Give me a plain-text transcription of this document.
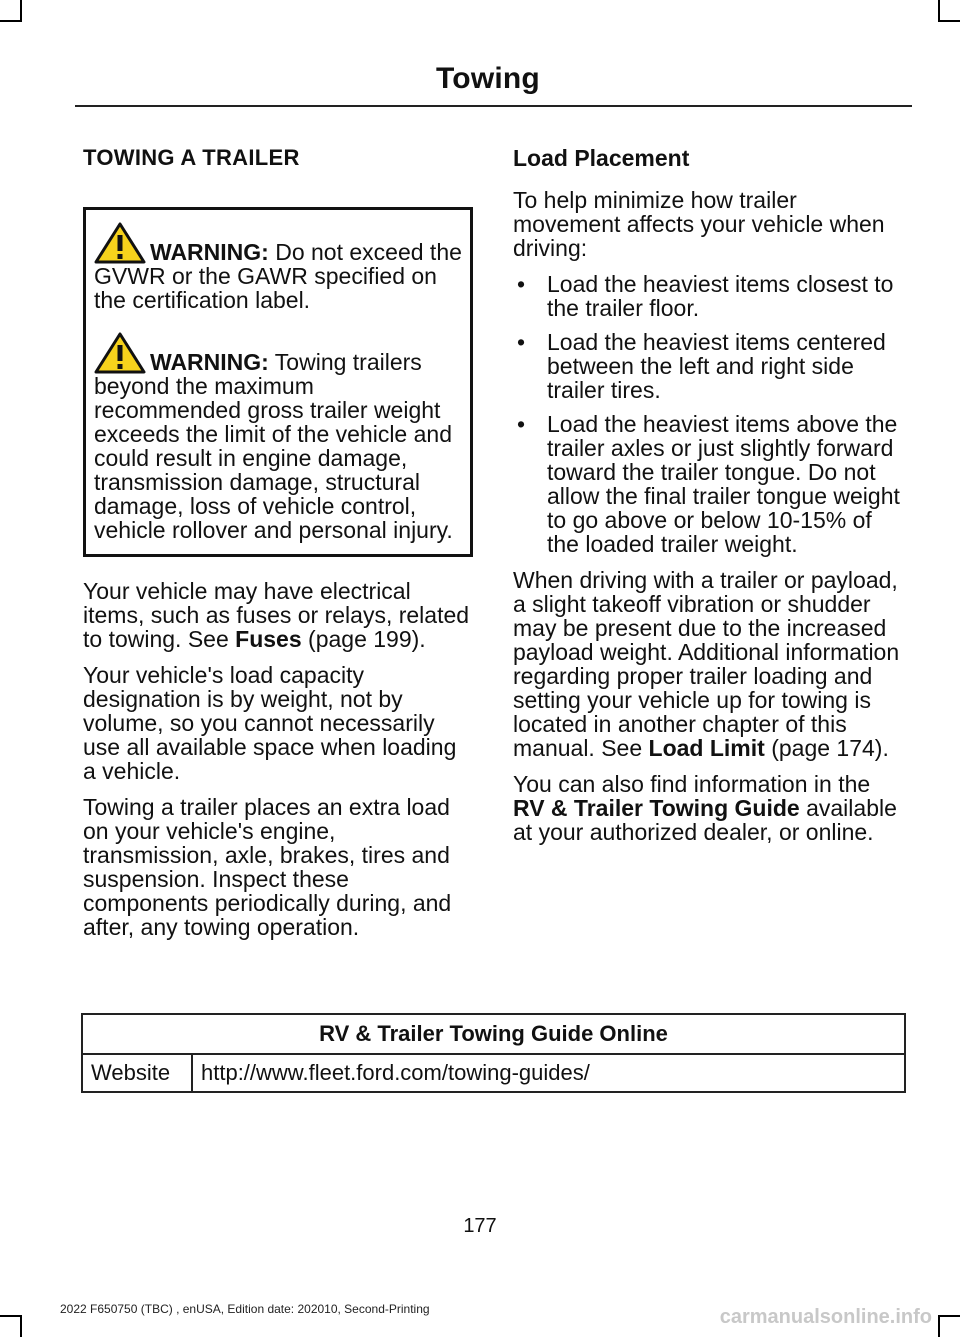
Towing
TOWING A TRAILER
WARNING: Do not exceed the GVWR or the GAWR specified on the certification label.
WARNING: Towing trailers beyond the maximum recommended gross trailer weight exceeds the limit of the vehicle and could result in engine damage, transmission damage, structural damage, loss of vehicle control, vehicle rollover and personal injury.

Your vehicle may have electrical items, such as fuses or relays, related to towing. See Fuses (page 199).

Your vehicle's load capacity designation is by weight, not by volume, so you cannot necessarily use all available space when loading a vehicle.

Towing a trailer places an extra load on your vehicle's engine, transmission, axle, brakes, tires and suspension. Inspect these components periodically during, and after, any towing operation.

Load Placement

To help minimize how trailer movement affects your vehicle when driving:

• Load the heaviest items closest to the trailer floor.
• Load the heaviest items centered between the left and right side trailer tires.
• Load the heaviest items above the trailer axles or just slightly forward toward the trailer tongue. Do not allow the final trailer tongue weight to go above or below 10-15% of the loaded trailer weight.

When driving with a trailer or payload, a slight takeoff vibration or shudder may be present due to the increased payload weight. Additional information regarding proper trailer loading and setting your vehicle up for towing is located in another chapter of this manual. See Load Limit (page 174).

You can also find information in the RV & Trailer Towing Guide available at your authorized dealer, or online.

RV & Trailer Towing Guide Online
Website	http://www.fleet.ford.com/towing-guides/
177
2022 F650750 (TBC) , enUSA, Edition date: 202010, Second-Printing	carmanualsonline.info
